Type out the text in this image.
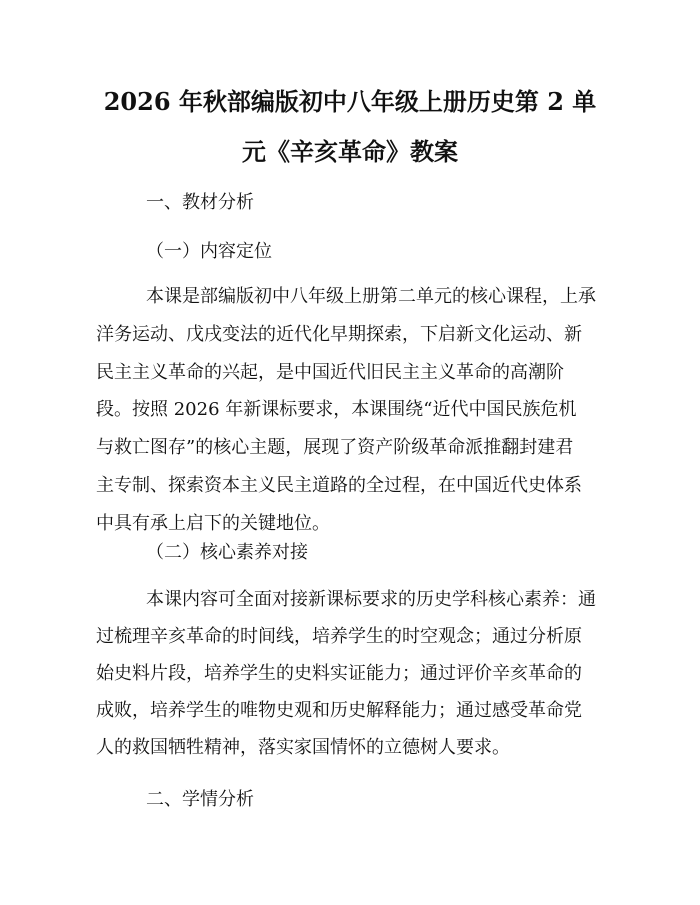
2026 年秋部编版初中八年级上册历史第 2 单
元《辛亥革命》教案

一、教材分析

（一）内容定位

本课是部编版初中八年级上册第二单元的核心课程，上承
洋务运动、戊戌变法的近代化早期探索，下启新文化运动、新
民主主义革命的兴起，是中国近代旧民主主义革命的高潮阶
段。按照 2026 年新课标要求，本课围绕“近代中国民族危机
与救亡图存”的核心主题，展现了资产阶级革命派推翻封建君
主专制、探索资本主义民主道路的全过程，在中国近代史体系
中具有承上启下的关键地位。

（二）核心素养对接

本课内容可全面对接新课标要求的历史学科核心素养：通
过梳理辛亥革命的时间线，培养学生的时空观念；通过分析原
始史料片段，培养学生的史料实证能力；通过评价辛亥革命的
成败，培养学生的唯物史观和历史解释能力；通过感受革命党
人的救国牺牲精神，落实家国情怀的立德树人要求。

二、学情分析
